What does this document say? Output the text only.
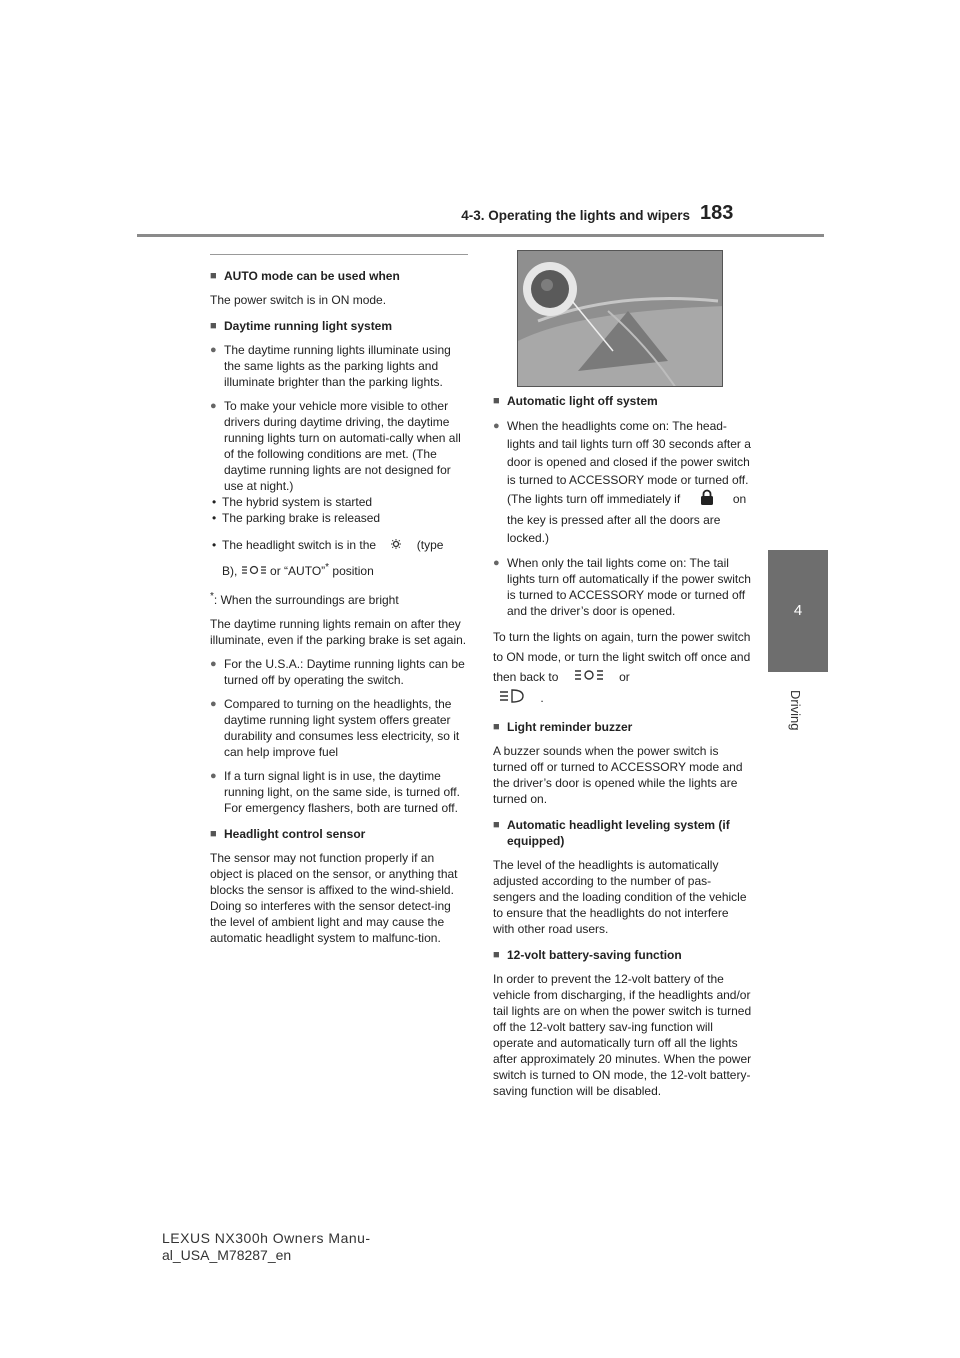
4-3. Operating the lights and wipers 183
4
Driving

■ AUTO mode can be used when

The power switch is in ON mode.

■ Daytime running light system

● The daytime running lights illuminate using the same lights as the parking lights and illuminate brighter than the parking lights.

● To make your vehicle more visible to other drivers during daytime driving, the daytime running lights turn on automati-cally when all of the following conditions are met. (The daytime running lights are not designed for use at night.)

• The hybrid system is started

• The parking brake is released

• The headlight switch is in the	(type
B),	or “AUTO”* position

*: When the surroundings are bright

The daytime running lights remain on after they illuminate, even if the parking brake is set again.

● For the U.S.A.: Daytime running lights can be turned off by operating the switch.

● Compared to turning on the headlights, the daytime running light system offers greater durability and consumes less electricity, so it can help improve fuel

● If a turn signal light is in use, the daytime running light, on the same side, is turned off. For emergency flashers, both are turned off.

■ Headlight control sensor

The sensor may not function properly if an object is placed on the sensor, or anything that blocks the sensor is affixed to the wind-shield. Doing so interferes with the sensor detect-ing the level of ambient light and may cause the automatic headlight system to malfunc-tion.

■ Automatic light off system

● When the headlights come on: The head-lights and tail lights turn off 30 seconds after a door is opened and closed if the power switch is turned to ACCESSORY mode or turned off. (The lights turn off immediately if	on the key is pressed after all the doors are locked.)

● When only the tail lights come on: The tail lights turn off automatically if the power switch is turned to ACCESSORY mode or turned off and the driver’s door is opened.

To turn the lights on again, turn the power switch to ON mode, or turn the light switch off once and then back to	or
.

■ Light reminder buzzer

A buzzer sounds when the power switch is turned off or turned to ACCESSORY mode and the driver’s door is opened while the lights are turned on.

■ Automatic headlight leveling system (if equipped)

The level of the headlights is automatically adjusted according to the number of pas-sengers and the loading condition of the vehicle to ensure that the headlights do not interfere with other road users.

■ 12-volt battery-saving function

In order to prevent the 12-volt battery of the vehicle from discharging, if the headlights and/or tail lights are on when the power switch is turned off the 12-volt battery sav-ing function will operate and automatically turn off all the lights after approximately 20 minutes. When the power switch is turned to ON mode, the 12-volt battery-saving function will be disabled.

LEXUS NX300h Owners Manu-

al_USA_M78287_en
